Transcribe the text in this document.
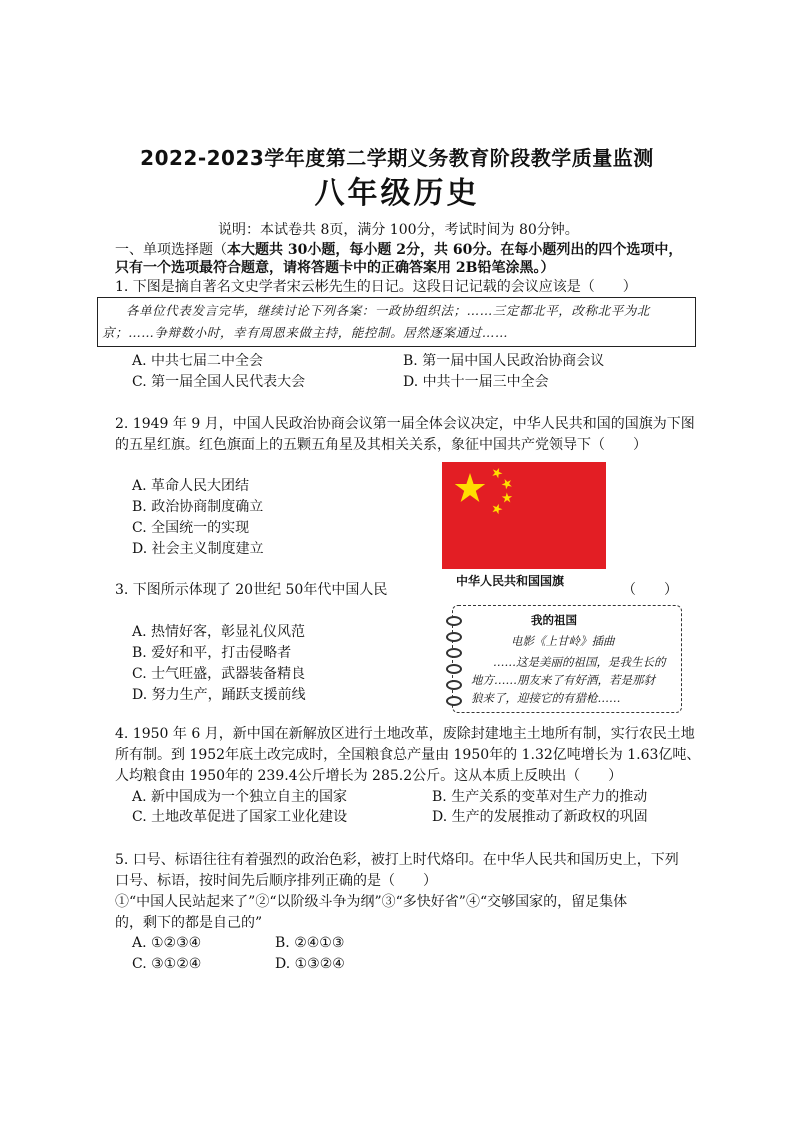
2022-2023学年度第二学期义务教育阶段教学质量监测
八年级历史
说明：本试卷共 8页，满分 100分，考试时间为 80分钟。
一、单项选择题（本大题共 30小题，每小题 2分，共 60分。在每小题列出的四个选项中，
只有一个选项最符合题意，请将答题卡中的正确答案用 2B铅笔涂黑。）
1. 下图是摘自著名文史学者宋云彬先生的日记。这段日记记载的会议应该是（　　）
各单位代表发言完毕，继续讨论下列各案：一政协组织法；……三定都北平，改称北平为北
京；……争辩数小时，幸有周恩来做主持，能控制。居然逐案通过……
A. 中共七届二中全会	B. 第一届中国人民政治协商会议
C. 第一届全国人民代表大会	D. 中共十一届三中全会
2. 1949 年 9 月，中国人民政治协商会议第一届全体会议决定，中华人民共和国的国旗为下图
的五星红旗。红色旗面上的五颗五角星及其相关关系，象征中国共产党领导下（　　）
A. 革命人民大团结
B. 政治协商制度确立
C. 全国统一的实现
D. 社会主义制度建立
中华人民共和国国旗
3. 下图所示体现了 20世纪 50年代中国人民	（　　）
A. 热情好客，彰显礼仪风范
B. 爱好和平，打击侵略者
C. 士气旺盛，武器装备精良
D. 努力生产，踊跃支援前线
我的祖国
电影《上甘岭》插曲
……这是美丽的祖国，是我生长的
地方……朋友来了有好酒，若是那豺
狼来了，迎接它的有猎枪……
4. 1950 年 6 月，新中国在新解放区进行土地改革，废除封建地主土地所有制，实行农民土地
所有制。到 1952年底土改完成时，全国粮食总产量由 1950年的 1.32亿吨增长为 1.63亿吨、
人均粮食由 1950年的 239.4公斤增长为 285.2公斤。这从本质上反映出（　　）
A. 新中国成为一个独立自主的国家	B. 生产关系的变革对生产力的推动
C. 土地改革促进了国家工业化建设	D. 生产的发展推动了新政权的巩固
5. 口号、标语往往有着强烈的政治色彩，被打上时代烙印。在中华人民共和国历史上，下列
口号、标语，按时间先后顺序排列正确的是（　　）
①“中国人民站起来了”②“以阶级斗争为纲”③“多快好省”④“交够国家的，留足集体
的，剩下的都是自己的”
A. ①②③④	B. ②④①③
C. ③①②④	D. ①③②④
